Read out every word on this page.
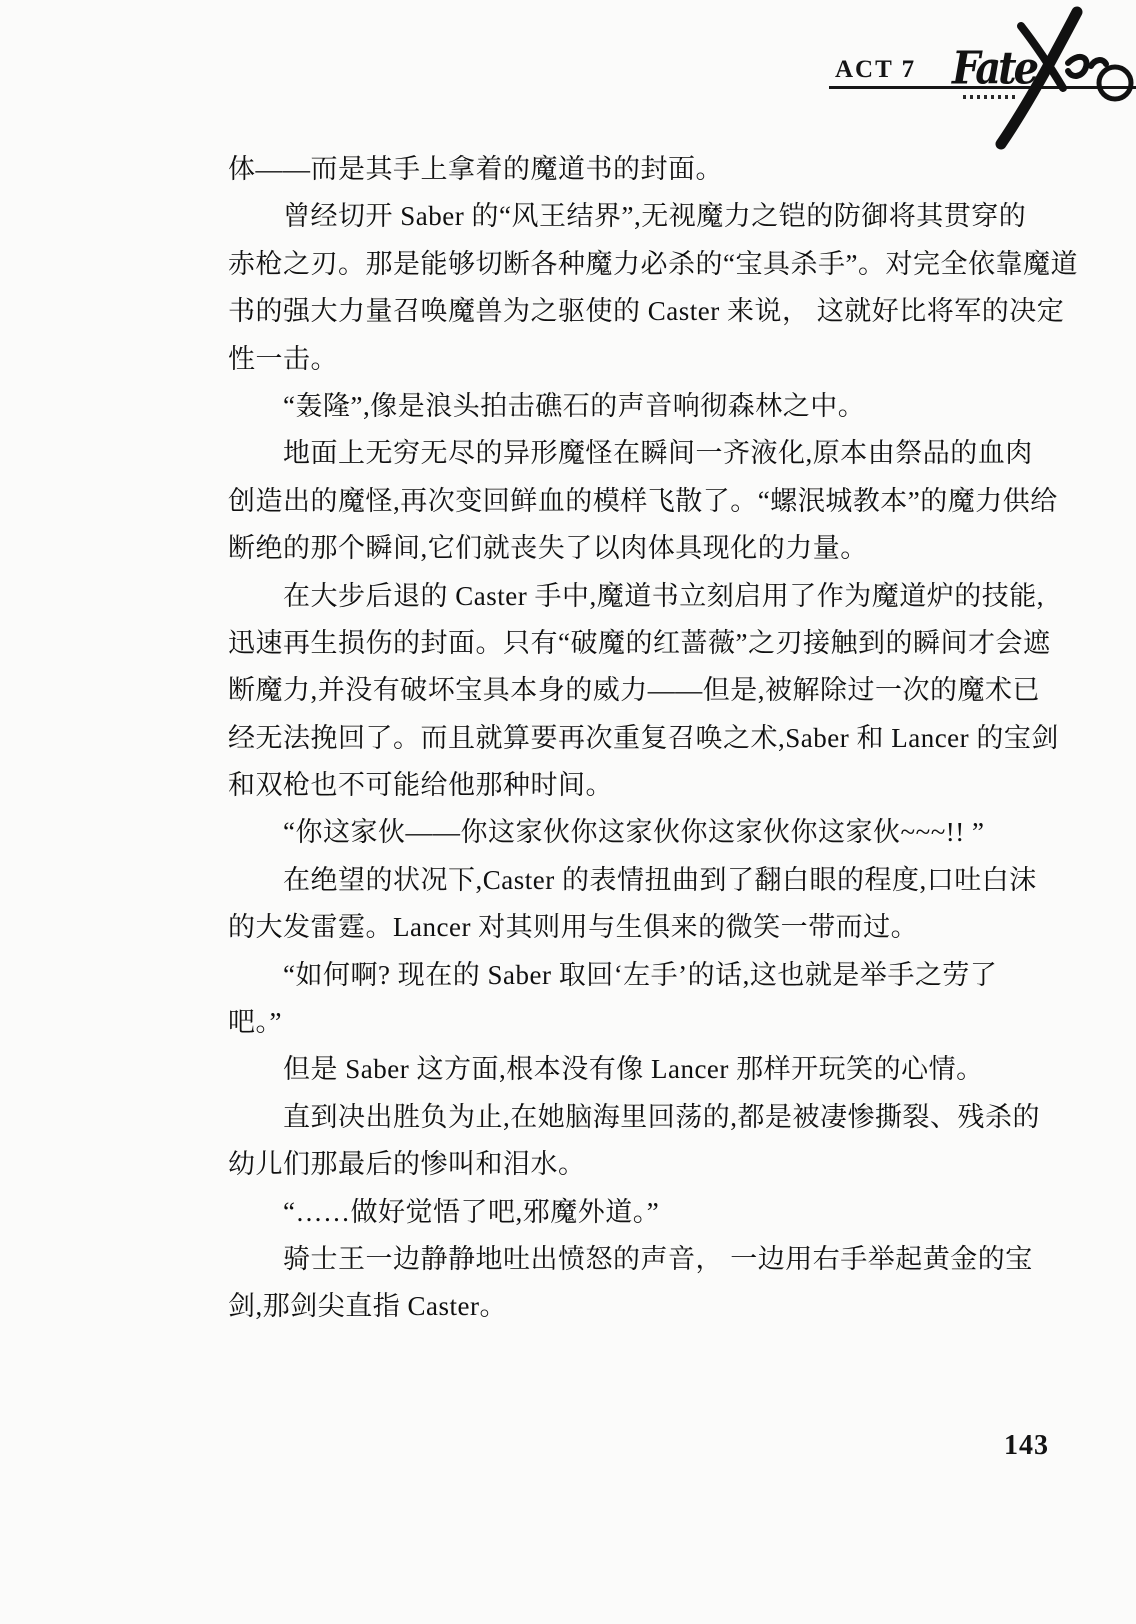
ACT 7 Fate
体——而是其手上拿着的魔道书的封面。
曾经切开 Saber 的“风王结界”,无视魔力之铠的防御将其贯穿的
赤枪之刃。那是能够切断各种魔力必杀的“宝具杀手”。对完全依靠魔道
书的强大力量召唤魔兽为之驱使的 Caster 来说， 这就好比将军的决定
性一击。
“轰隆”,像是浪头拍击礁石的声音响彻森林之中。
地面上无穷无尽的异形魔怪在瞬间一齐液化,原本由祭品的血肉
创造出的魔怪,再次变回鲜血的模样飞散了。“螺泯城教本”的魔力供给
断绝的那个瞬间,它们就丧失了以肉体具现化的力量。
在大步后退的 Caster 手中,魔道书立刻启用了作为魔道炉的技能,
迅速再生损伤的封面。只有“破魔的红蔷薇”之刃接触到的瞬间才会遮
断魔力,并没有破坏宝具本身的威力——但是,被解除过一次的魔术已
经无法挽回了。而且就算要再次重复召唤之术,Saber 和 Lancer 的宝剑
和双枪也不可能给他那种时间。
“你这家伙——你这家伙你这家伙你这家伙你这家伙~~~!! ”
在绝望的状况下,Caster 的表情扭曲到了翻白眼的程度,口吐白沫
的大发雷霆。Lancer 对其则用与生俱来的微笑一带而过。
“如何啊? 现在的 Saber 取回‘左手’的话,这也就是举手之劳了
吧。”
但是 Saber 这方面,根本没有像 Lancer 那样开玩笑的心情。
直到决出胜负为止,在她脑海里回荡的,都是被凄惨撕裂、残杀的
幼儿们那最后的惨叫和泪水。
“……做好觉悟了吧,邪魔外道。”
骑士王一边静静地吐出愤怒的声音， 一边用右手举起黄金的宝
剑,那剑尖直指 Caster。
143
